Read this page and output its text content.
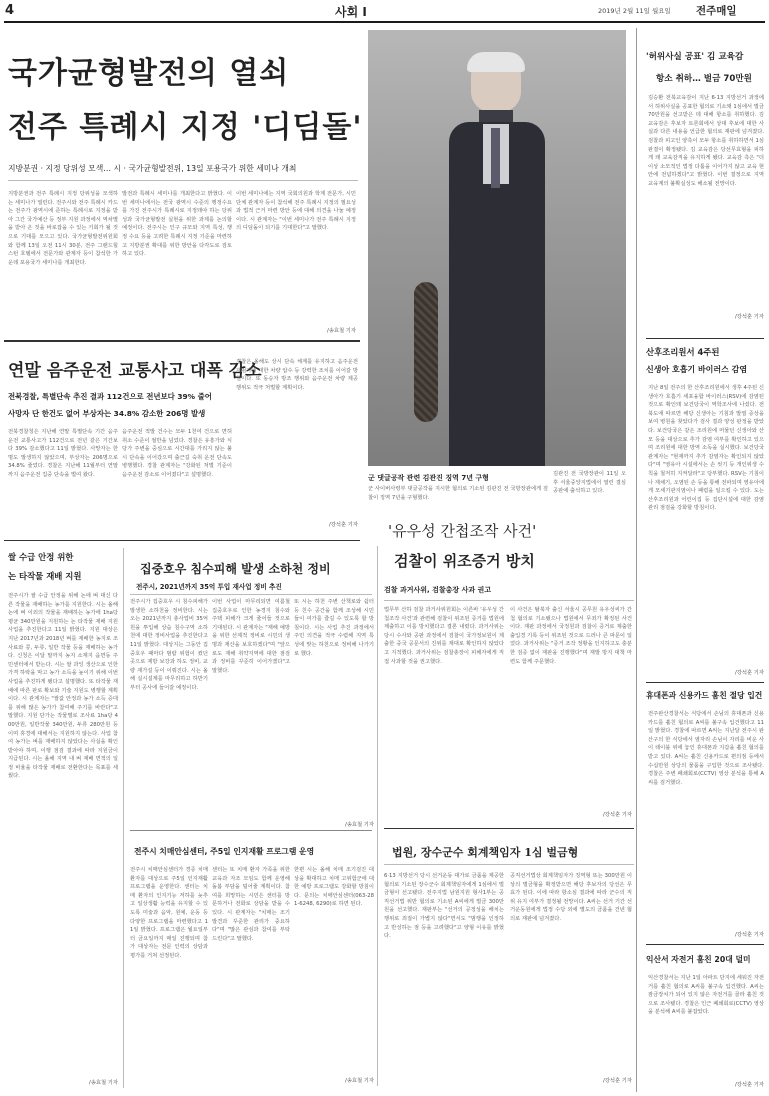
4	사회 I	2019년 2월 11일 월요일 전주매일
국가균형발전의 열쇠
전주 특례시 지정 '디딤돌'
지방분권 · 지정 당위성 모색… 시 · 국가균형발전위, 13일 포용국가 위한 세미나 개최
지방분권과 전주 특례시 지정 당위성을 모색하는 세미나가 열린다. 전주시와 전주 특례시 카드는 전주가 광역시에 준하는 특례시로 지정을 받아 그간 국가예산 등 정부 지원 과정에서 역차별을 받아 온 것을 바로잡을 수 있는 기회가 될 것으로 기대를 모으고 있다. 국가균형발전위원회와 함께 13일 오전 11시 30분, 전주 그랜드힐스턴 호텔에서 전문가와 관계자 등이 참석한 가운데 포용국가 세미나를 개최한다.
발전과 특례시 세미나를 개최한다고 밝혔다. 이번 세미나에서는 전국 광역시 수준의 행정수요를 가진 전주시가 특례시로 지정돼야 하는 당위성과 국가균형발전 실현을 위한 과제를 논의할 예정이다. 전주시는 인구 규모와 지역 특성, 행정 수요 등을 고려한 특례시 지정 기준을 마련하고 지방분권 확대를 위한 방안을 다각도로 검토하고 있다.
이번 세미나에는 지역 국회의원과 학계 전문가, 시민단체 관계자 등이 참석해 전주 특례시 지정의 필요성과 법적 근거 마련 방안 등에 대해 의견을 나눌 예정이다. 시 관계자는 "이번 세미나가 전주 특례시 지정의 디딤돌이 되기를 기대한다"고 말했다.
/송효철 기자
군 댓글공작 관련 김관진 징역 7년 구형	김관진 전 국방장관이 11일 오후 서울중앙지법에서 열린 결심 공판에 출석하고 있다.
군 사이버사령부 댓글공작을 지시한 혐의로 기소된 김관진 전 국방장관에게 검찰이 징역 7년을 구형했다.
'허위사실 공표' 김 교육감
항소 취하… 벌금 70만원
김승환 전북교육감이 지난 6·13 지방선거 과정에서 허위사실을 공표한 혐의로 기소돼 1심에서 벌금 70만원을 선고받은 데 대해 항소를 취하했다. 김 교육감은 후보자 토론회에서 상대 후보에 대한 사실과 다른 내용을 언급한 혐의로 재판에 넘겨졌다. 검찰과 피고인 양측이 모두 항소를 취하하면서 1심 판결이 확정됐다. 김 교육감은 당선무효형을 피하게 돼 교육감직을 유지하게 됐다. 교육감 측은 "더 이상 소모적인 법정 다툼을 이어가지 않고 교육 현안에 전념하겠다"고 밝혔다. 이번 결정으로 지역 교육계의 불확실성도 해소될 전망이다.
/강석훈 기자
산후조리원서 4주된
신생아 호흡기 바이러스 감염
지난 8일 전주의 한 산후조리원에서 생후 4주된 신생아가 호흡기 세포융합 바이러스(RSV)에 감염된 것으로 확인돼 보건당국이 역학조사에 나섰다. 전북도에 따르면 해당 신생아는 기침과 발열 증상을 보여 병원을 찾았다가 검사 결과 양성 판정을 받았다. 보건당국은 같은 조리원에 머물던 신생아와 산모 등을 대상으로 추가 감염 여부를 확인하고 있으며 조리원에 대한 방역 소독을 실시했다. 보건당국 관계자는 "현재까지 추가 감염자는 확인되지 않았다"며 "영유아 시설에서는 손 씻기 등 개인위생 수칙을 철저히 지켜달라"고 당부했다. RSV는 기침이나 재채기, 오염된 손 등을 통해 전파되며 영유아에게 모세기관지염이나 폐렴을 일으킬 수 있다. 도는 산후조리원과 어린이집 등 집단시설에 대한 감염 관리 점검을 강화할 방침이다.
/강석훈 기자
휴대폰과 신용카드 훔친 절당 입건
전주완산경찰서는 식당에서 손님의 휴대폰과 신용카드를 훔친 혐의로 A씨를 불구속 입건했다고 11일 밝혔다. 경찰에 따르면 A씨는 지난달 전주시 완산구의 한 식당에서 옆자리 손님이 자리를 비운 사이 테이블 위에 놓인 휴대폰과 지갑을 훔친 혐의를 받고 있다. A씨는 훔친 신용카드로 편의점 등에서 수십만원 상당의 물품을 구입한 것으로 조사됐다. 경찰은 주변 폐쇄회로(CCTV) 영상 분석을 통해 A씨를 검거했다.
/강석훈 기자
익산서 자전거 훔친 20대 덜미
익산경찰서는 지난 1일 아파트 단지에 세워진 자전거를 훔친 혐의로 A씨를 불구속 입건했다. A씨는 잠금장치가 되어 있지 않은 자전거를 골라 훔친 것으로 조사됐다. 경찰은 인근 폐쇄회로(CCTV) 영상을 분석해 A씨를 붙잡았다.
/강석훈 기자
연말 음주운전 교통사고 대폭 감소
전북경찰, 특별단속 추진 결과 112건으로 전년보다 39% 줄어
사망자 단 한건도 없어 부상자는 34.8% 감소한 206명 발생
전북경찰청은 지난해 연말 특별단속 기간 음주운전 교통사고가 112건으로 전년 같은 기간보다 39% 감소했다고 11일 밝혔다. 사망자는 한 명도 발생하지 않았으며, 부상자는 206명으로 34.8% 줄었다. 경찰은 지난해 11월부터 연말까지 음주운전 집중 단속을 벌여 왔다.
음주운전 적발 건수는 모두 1천여 건으로 면허 취소 수준이 절반을 넘었다. 경찰은 유흥가와 식당가 주변을 중심으로 시간대를 가리지 않는 불시 단속을 이어갔으며 출근길 숙취 운전 단속도 병행했다. 경찰 관계자는 "강화된 처벌 기준이 음주운전 감소로 이어졌다"고 설명했다.
경찰은 올해도 상시 단속 체계를 유지하고 음주운전 재범자에 대한 차량 압수 등 강력한 조치를 이어갈 방침이다. 또 동승자 방조 행위와 음주운전 차량 제공 행위도 적극 처벌할 계획이다.
/강석훈 기자 '유우성 간첩조작 사건'
검찰이 위조증거 방치
검찰 과거사위, 검찰총장 사과 권고
법무부 산하 검찰 과거사위원회는 이른바 '유우성 간첩조작 사건'과 관련해 검찰이 위조된 증거를 법원에 제출하고 이를 방치했다고 결론 내렸다. 과거사위는 당시 수사와 공판 과정에서 검찰이 국가정보원이 제출한 중국 공문서의 진위를 제대로 확인하지 않았다고 지적했다. 과거사위는 검찰총장이 피해자에게 직접 사과할 것을 권고했다.
이 사건은 탈북자 출신 서울시 공무원 유우성씨가 간첩 혐의로 기소됐으나 법원에서 무죄가 확정된 사건이다. 재판 과정에서 국정원과 검찰이 증거로 제출한 출입경 기록 등이 위조된 것으로 드러나 큰 파문이 일었다. 과거사위는 "증거 조작 정황을 인지하고도 충분한 검증 없이 재판을 진행했다"며 재발 방지 대책 마련도 함께 주문했다.
/강석훈 기자
쌀 수급 안정 위한
논 타작물 재배 지원
전주시가 쌀 수급 안정을 위해 논에 벼 대신 다른 작물을 재배하는 농가를 지원한다. 시는 올해 논에 벼 이외의 작물을 재배하는 농가에 1ha당 평균 340만원을 지원하는 논 타작물 재배 지원사업을 추진한다고 11일 밝혔다. 지원 대상은 지난 2017년과 2018년 벼를 재배한 농지로 조사료와 콩, 두류, 일반 작물 등을 재배하는 농가다. 신청은 이달 말까지 농지 소재지 읍면동 주민센터에서 받는다. 시는 쌀 과잉 생산으로 인한 가격 하락을 막고 농가 소득을 높이기 위해 이번 사업을 추진하게 됐다고 설명했다. 또 타작물 재배에 따른 판로 확보와 기술 지원도 병행할 계획이다. 시 관계자는 "쌀값 안정과 농가 소득 증대를 위해 많은 농가가 참여해 주기를 바란다"고 말했다. 지원 단가는 작물별로 조사료 1ha당 400만원, 일반작물 340만원, 두류 280만원 등이며 휴경에 대해서는 지원하지 않는다. 사업 참여 농가는 벼를 재배하지 않았다는 사실을 확인받아야 하며, 이행 점검 결과에 따라 지원금이 지급된다. 시는 올해 지역 내 벼 재배 면적의 일정 비율을 타작물 재배로 전환한다는 목표를 세웠다.
/송효철 기자
집중호우 침수피해 발생 소하천 정비
전주시, 2021년까지 35억 투입 재사업 정비 추진
전주시가 집중호우 시 침수피해가 발생한 소하천을 정비한다. 시는 오는 2021년까지 총사업비 35억원을 투입해 상습 침수구역 소하천에 대한 정비사업을 추진한다고 11일 밝혔다. 대상지는 그동안 집중호우 때마다 범람 위험이 컸던 곳으로 제방 보강과 하도 정비, 교량 재가설 등이 이뤄진다. 시는 올해 실시설계를 마무리하고 하반기부터 공사에 들어갈 예정이다.
이번 사업이 마무리되면 여름철 집중호우로 인한 농경지 침수와 주택 피해가 크게 줄어들 것으로 기대된다. 시 관계자는 "재해 예방을 위한 선제적 정비로 시민의 생명과 재산을 보호하겠다"며 "앞으로도 재해 취약지역에 대한 점검과 정비를 꾸준히 이어가겠다"고 말했다.
또 시는 하천 주변 산책로와 쉼터 등 친수 공간을 함께 조성해 시민들이 여가를 즐길 수 있도록 할 방침이다. 시는 사업 추진 과정에서 주민 의견을 적극 수렴해 지역 특성에 맞는 하천으로 정비해 나가기로 했다.
/송효철 기자
전주시 치매안심센터, 주5일 인지재활 프로그램 운영
전주시 치매안심센터가 경증 치매 환자를 대상으로 주5일 인지재활 프로그램을 운영한다. 센터는 치매 환자의 인지기능 저하를 늦추고 일상생활 능력을 유지할 수 있도록 미술과 음악, 원예, 운동 등 다양한 프로그램을 마련했다고 11일 밝혔다. 프로그램은 월요일부터 금요일까지 매일 진행되며 참가 대상자는 전문 인력의 상담과 평가를 거쳐 선정된다.
센터는 또 치매 환자 가족을 위한 교육과 자조 모임도 함께 운영해 돌봄 부담을 덜어줄 계획이다. 참여를 희망하는 시민은 센터를 방문하거나 전화로 상담을 받을 수 있다. 시 관계자는 "치매는 조기 발견과 꾸준한 관리가 중요하다"며 "많은 관심과 참여를 부탁드린다"고 말했다.
한편 시는 올해 치매 조기검진 대상을 확대하고 치매 고위험군에 대한 예방 프로그램도 강화할 방침이다. 문의는 치매안심센터(063-281-6248, 6290)로 하면 된다.
/송효철 기자
법원, 장수군수 회계책임자 1심 벌금형
6·13 지방선거 당시 선거운동 대가로 금품을 제공한 혐의로 기소된 장수군수 회계책임자에게 1심에서 벌금형이 선고됐다. 전주지법 남원지원 형사1부는 공직선거법 위반 혐의로 기소된 A씨에게 벌금 300만원을 선고했다. 재판부는 "선거의 공정성을 해치는 행위로 죄질이 가볍지 않다"면서도 "범행을 인정하고 반성하는 점 등을 고려했다"고 양형 이유를 밝혔다.
공직선거법상 회계책임자가 징역형 또는 300만원 이상의 벌금형을 확정받으면 해당 후보자의 당선은 무효가 된다. 이에 따라 항소심 결과에 따라 군수의 직위 유지 여부가 결정될 전망이다. A씨는 선거 기간 선거운동원에게 법정 수당 외에 별도의 금품을 건넨 혐의로 재판에 넘겨졌다.
/강석훈 기자
